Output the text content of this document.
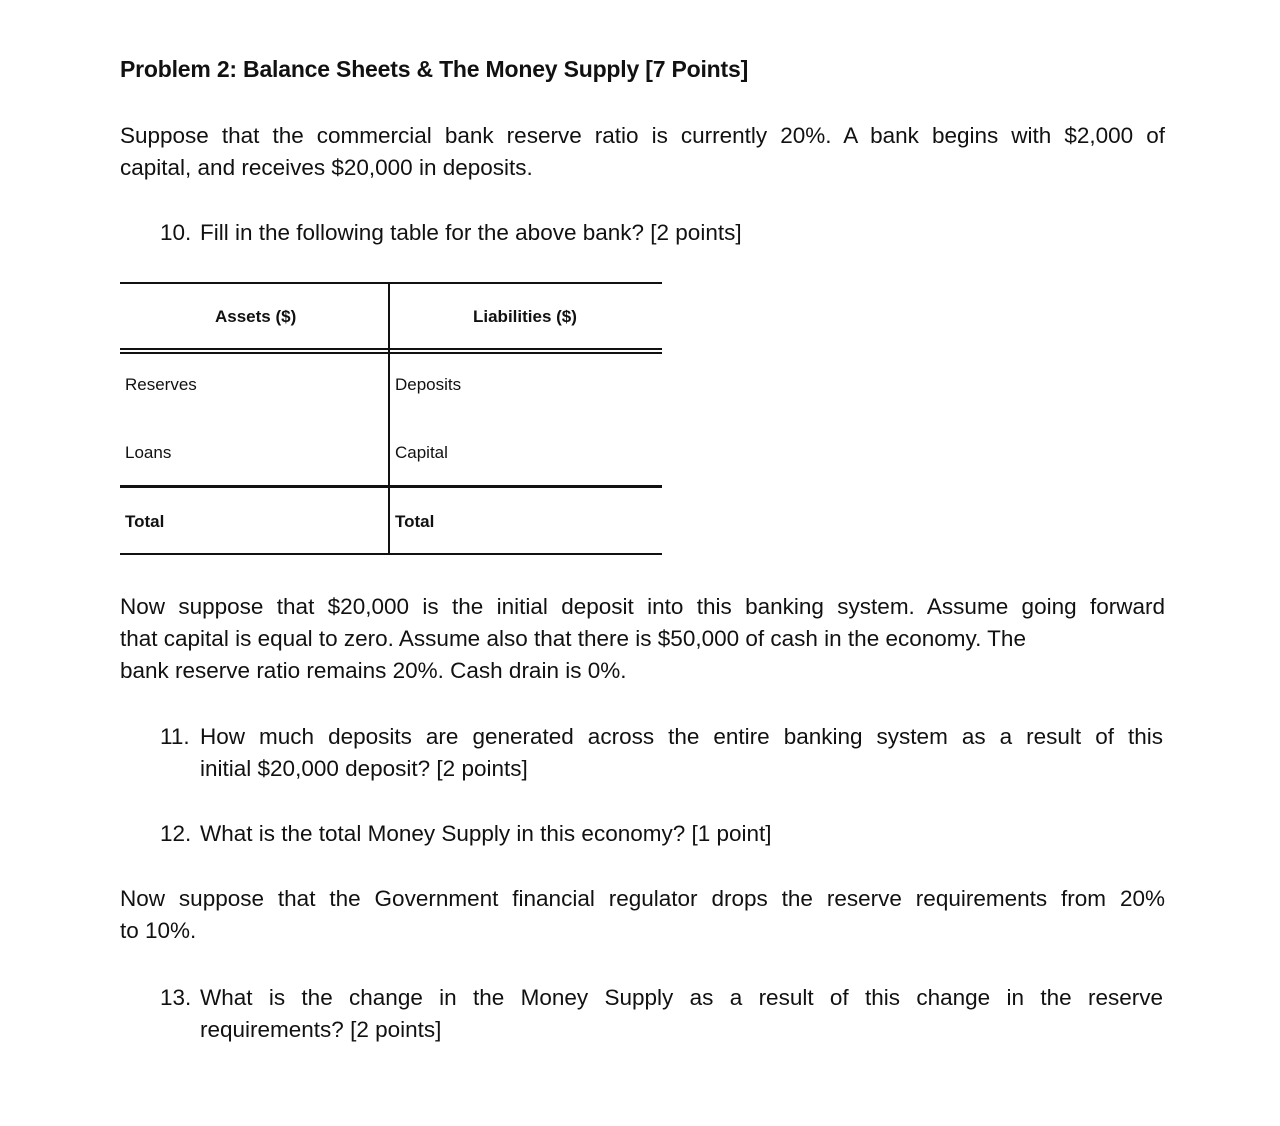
Problem 2: Balance Sheets & The Money Supply [7 Points]
Suppose that the commercial bank reserve ratio is currently 20%. A bank begins with $2,000 of
capital, and receives $20,000 in deposits.
10. Fill in the following table for the above bank? [2 points]
Assets ($)	Liabilities ($)
Reserves	Deposits
Loans	Capital
Total	Total
Now suppose that $20,000 is the initial deposit into this banking system. Assume going forward
that capital is equal to zero. Assume also that there is $50,000 of cash in the economy. The
bank reserve ratio remains 20%. Cash drain is 0%.
11. How much deposits are generated across the entire banking system as a result of this
initial $20,000 deposit? [2 points]
12. What is the total Money Supply in this economy? [1 point]
Now suppose that the Government financial regulator drops the reserve requirements from 20%
to 10%.
13. What is the change in the Money Supply as a result of this change in the reserve
requirements? [2 points]
